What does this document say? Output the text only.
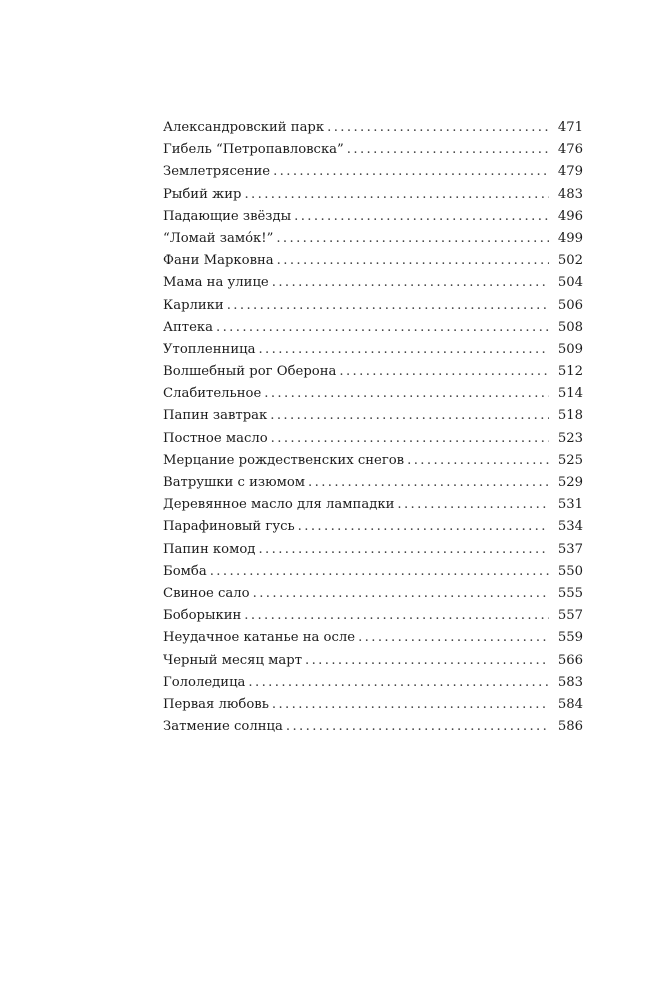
Александровский парк . . .	471
Гибель “Петропавловска” . . .	476
Землетрясение . . .	479
Рыбий жир . . .	483
Падающие звёзды . . .	496
“Ломай замóк!” . . .	499
Фани Марковна . . .	502
Мама на улице . . .	504
Карлики . . .	506
Аптека . . .	508
Утопленница . . .	509
Волшебный рог Оберона . . .	512
Слабительное . . .	514
Папин завтрак . . .	518
Постное масло . . .	523
Мерцание рождественских снегов . . .	525
Ватрушки с изюмом . . .	529
Деревянное масло для лампадки . . .	531
Парафиновый гусь . . .	534
Папин комод . . .	537
Бомба . . .	550
Свиное сало . . .	555
Боборыкин . . .	557
Неудачное катанье на осле . . .	559
Черный месяц март . . .	566
Гололедица . . .	583
Первая любовь . . .	584
Затмение солнца . . .	586
